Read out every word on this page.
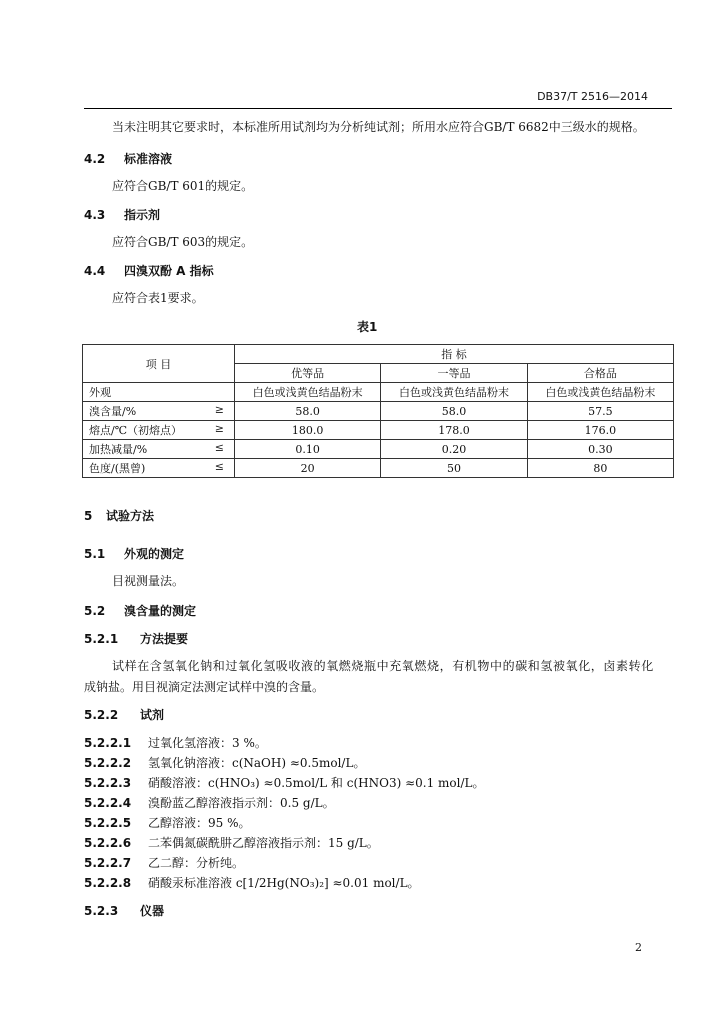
DB37/T 2516—2014
当未注明其它要求时，本标准所用试剂均为分析纯试剂；所用水应符合GB/T 6682中三级水的规格。
4.2 标准溶液
应符合GB/T 601的规定。
4.3 指示剂
应符合GB/T 603的规定。
4.4 四溴双酚 A 指标
应符合表1要求。
表1
项 目	指 标		
	优等品	一等品	合格品
外观	白色或浅黄色结晶粉末	白色或浅黄色结晶粉末	白色或浅黄色结晶粉末
溴含量/% ≥	58.0	58.0	57.5
熔点/℃（初熔点） ≥	180.0	178.0	176.0
加热减量/% ≤	0.10	0.20	0.30
色度/(黑曾) ≤	20	50	80
5 试验方法
5.1 外观的测定
目视测量法。
5.2 溴含量的测定
5.2.1 方法提要
试样在含氢氧化钠和过氧化氢吸收液的氧燃烧瓶中充氧燃烧，有机物中的碳和氢被氧化，卤素转化
成钠盐。用目视滴定法测定试样中溴的含量。
5.2.2 试剂
5.2.2.1 过氧化氢溶液：3 %。
5.2.2.2 氢氧化钠溶液：c(NaOH) ≈0.5mol/L。
5.2.2.3 硝酸溶液：c(HNO₃) ≈0.5mol/L 和 c(HNO3) ≈0.1 mol/L。
5.2.2.4 溴酚蓝乙醇溶液指示剂：0.5 g/L。
5.2.2.5 乙醇溶液：95 %。
5.2.2.6 二苯偶氮碳酰肼乙醇溶液指示剂：15 g/L。
5.2.2.7 乙二醇：分析纯。
5.2.2.8 硝酸汞标准溶液 c[1/2Hg(NO₃)₂] ≈0.01 mol/L。
5.2.3 仪器
2
